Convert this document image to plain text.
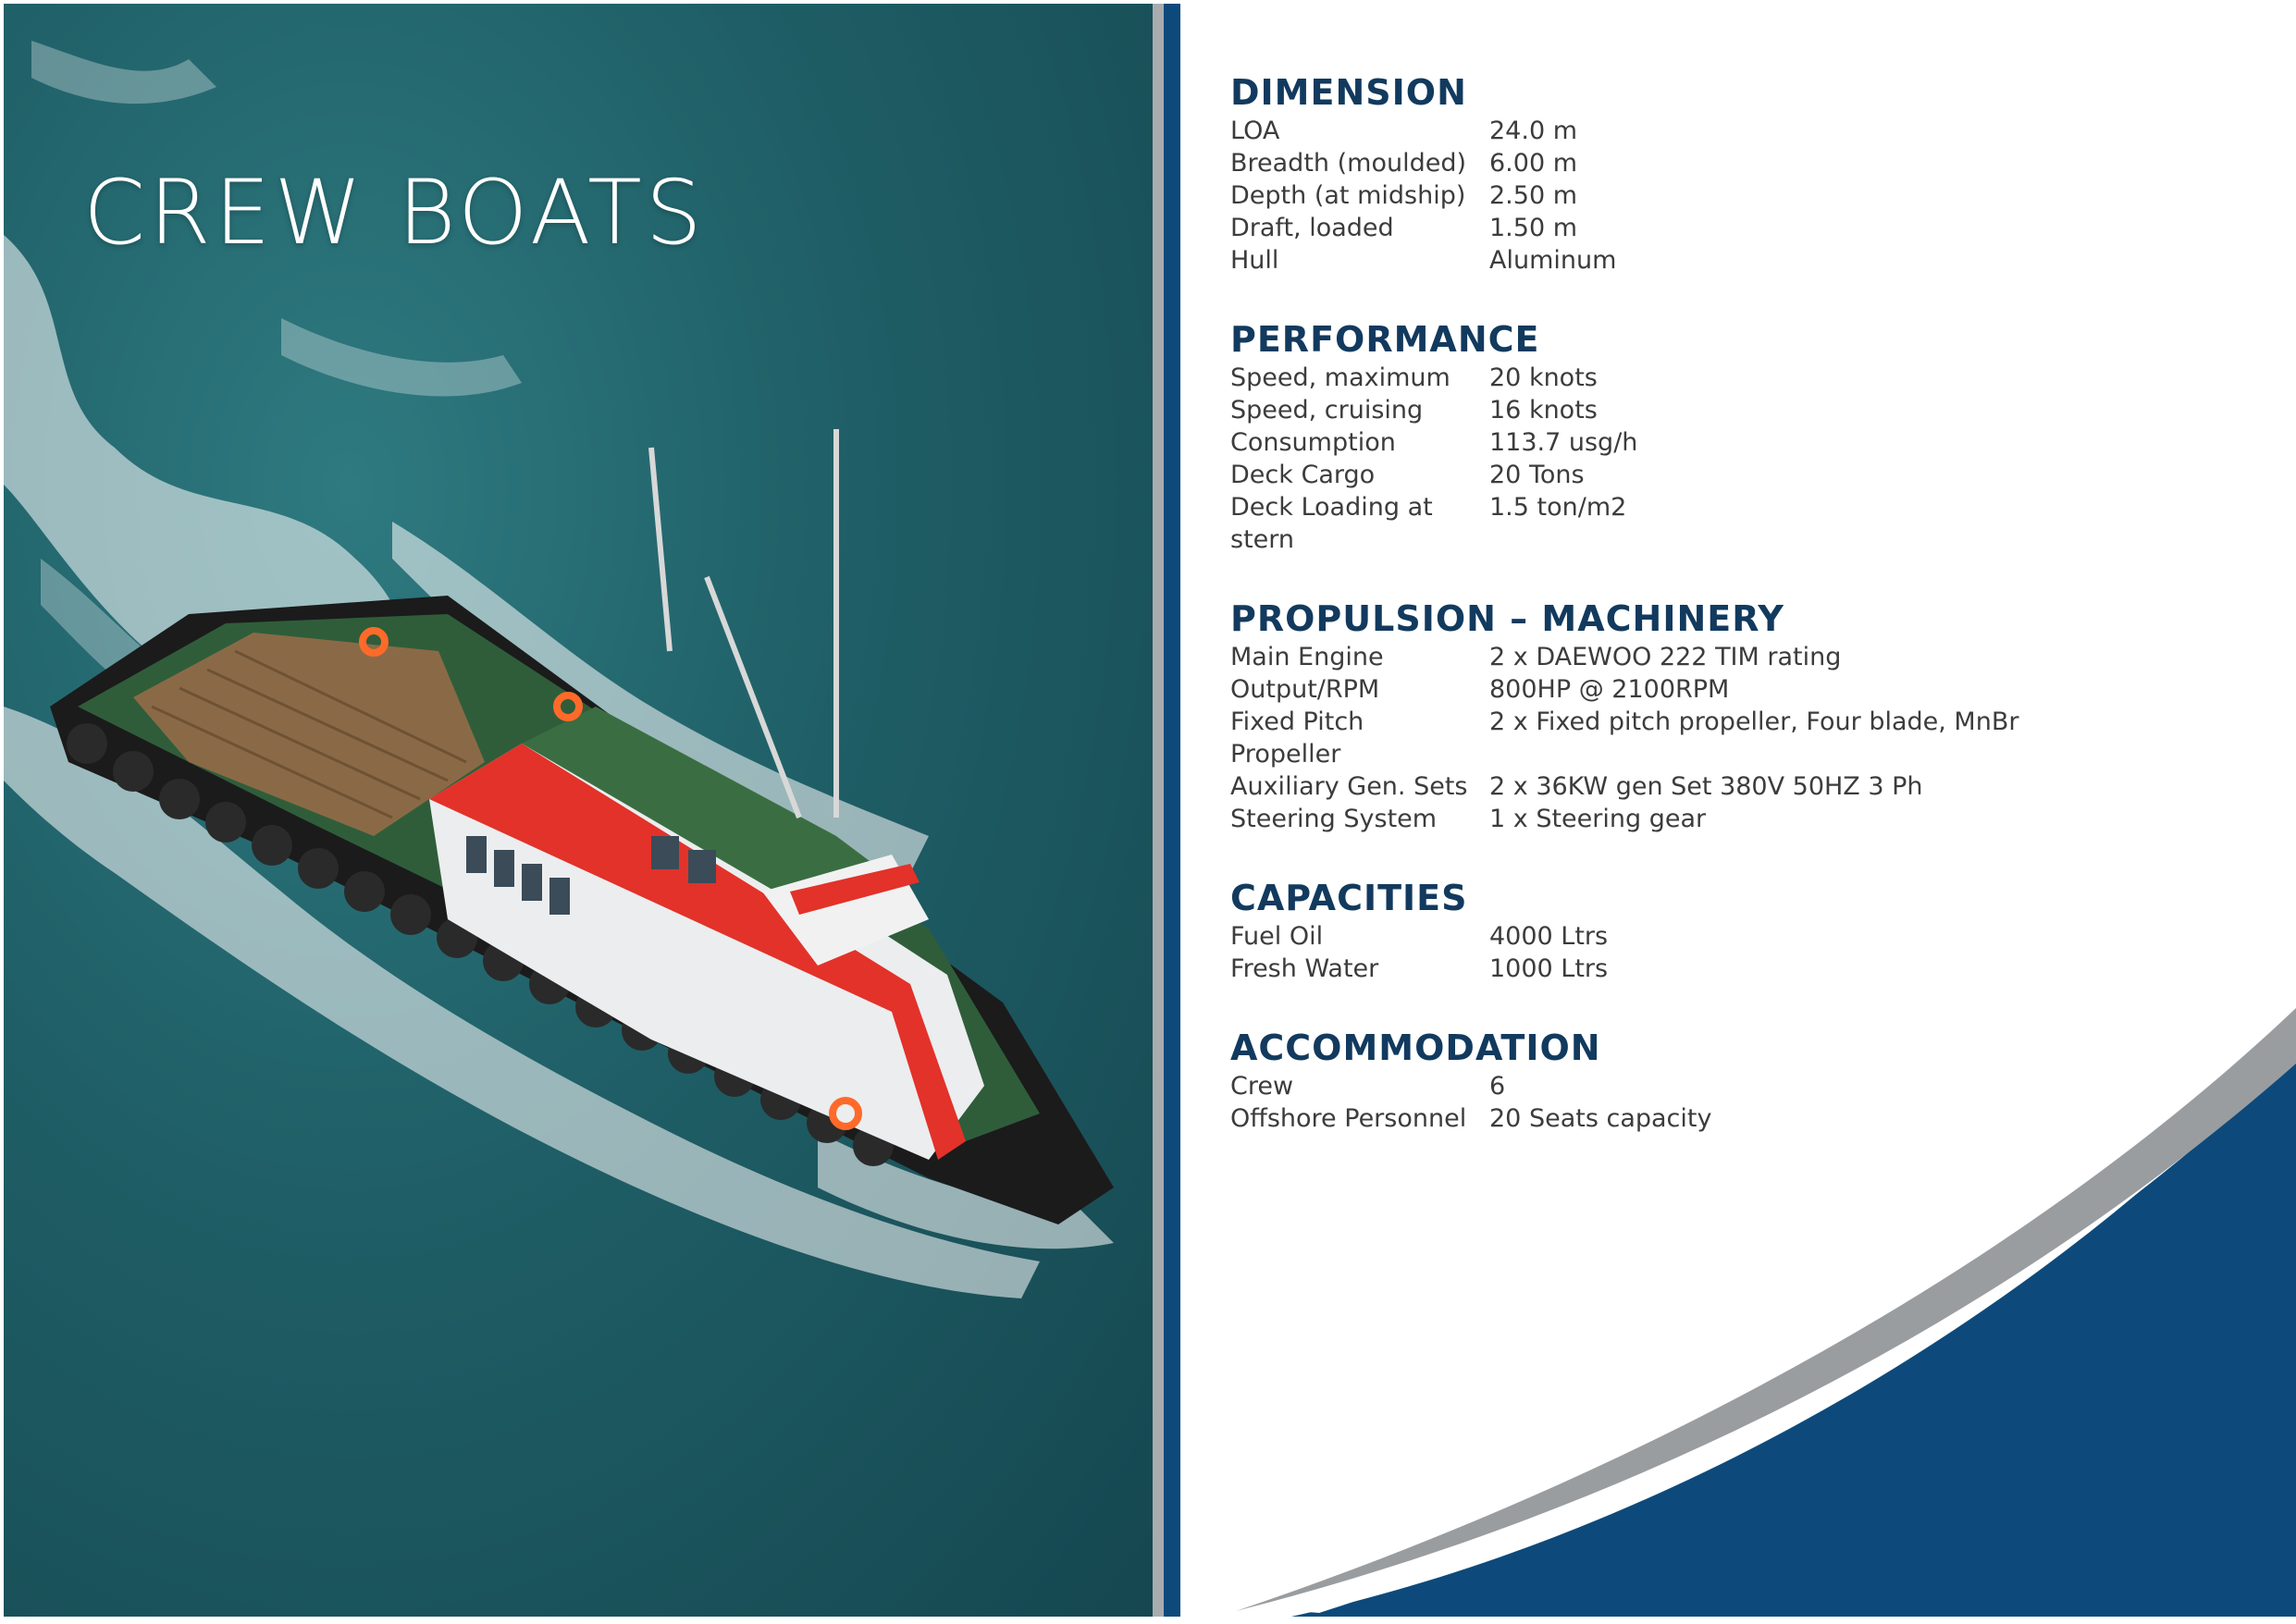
CREW BOATS
DIMENSION
LOA	24.0 m
Breadth (moulded) 6.00 m
Depth (at midship) 2.50 m
Draft, loaded	1.50 m
Hull	Aluminum
PERFORMANCE
Speed, maximum	20 knots
Speed, cruising	16 knots
Consumption	113.7 usg/h
Deck Cargo	20 Tons
Deck Loading at	1.5 ton/m2
stern
PROPULSION – MACHINERY
Main Engine	2 x DAEWOO 222 TIM rating
Output/RPM	800HP @ 2100RPM
Fixed Pitch	2 x Fixed pitch propeller, Four blade, MnBr
Propeller
Auxiliary Gen. Sets 2 x 36KW gen Set 380V 50HZ 3 Ph
Steering System	1 x Steering gear
CAPACITIES
Fuel Oil	4000 Ltrs
Fresh Water	1000 Ltrs
ACCOMMODATION
Crew	6
Offshore Personnel 20 Seats capacity
